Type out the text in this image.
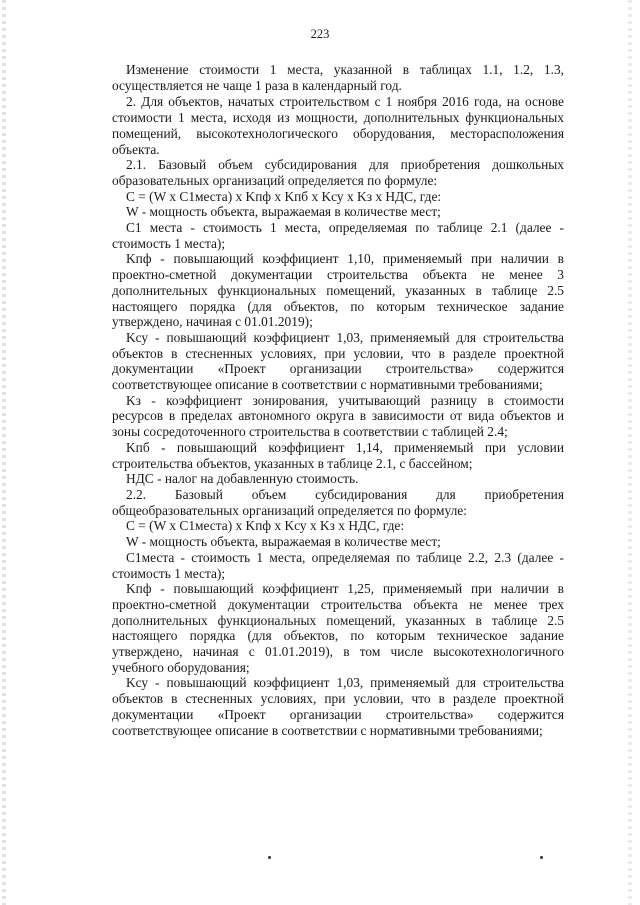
223

Изменение стоимости 1 места, указанной в таблицах 1.1, 1.2, 1.3, осуществляется не чаще 1 раза в календарный год.

2. Для объектов, начатых строительством с 1 ноября 2016 года, на основе стоимости 1 места, исходя из мощности, дополнительных функциональных помещений, высокотехнологического оборудования, месторасположения объекта.

2.1. Базовый объем субсидирования для приобретения дошкольных образовательных организаций определяется по формуле:

C = (W x C1места) x Kпф x Kпб x Kсу x Kз x НДС, где:

W - мощность объекта, выражаемая в количестве мест;

C1 места - стоимость 1 места, определяемая по таблице 2.1 (далее - стоимость 1 места);

Kпф - повышающий коэффициент 1,10, применяемый при наличии в проектно-сметной документации строительства объекта не менее 3 дополнительных функциональных помещений, указанных в таблице 2.5 настоящего порядка (для объектов, по которым техническое задание утверждено, начиная с 01.01.2019);

Kсу - повышающий коэффициент 1,03, применяемый для строительства объектов в стесненных условиях, при условии, что в разделе проектной документации «Проект организации строительства» содержится соответствующее описание в соответствии с нормативными требованиями;

Kз - коэффициент зонирования, учитывающий разницу в стоимости ресурсов в пределах автономного округа в зависимости от вида объектов и зоны сосредоточенного строительства в соответствии с таблицей 2.4;

Kпб - повышающий коэффициент 1,14, применяемый при условии строительства объектов, указанных в таблице 2.1, с бассейном;

НДС - налог на добавленную стоимость.

2.2. Базовый объем субсидирования для приобретения общеобразовательных организаций определяется по формуле:

C = (W x C1места) x Kпф x Kсу x Kз x НДС, где:

W - мощность объекта, выражаемая в количестве мест;

C1места - стоимость 1 места, определяемая по таблице 2.2, 2.3 (далее - стоимость 1 места);

Kпф - повышающий коэффициент 1,25, применяемый при наличии в проектно-сметной документации строительства объекта не менее трех дополнительных функциональных помещений, указанных в таблице 2.5 настоящего порядка (для объектов, по которым техническое задание утверждено, начиная с 01.01.2019), в том числе высокотехнологичного учебного оборудования;

Kсу - повышающий коэффициент 1,03, применяемый для строительства объектов в стесненных условиях, при условии, что в разделе проектной документации «Проект организации строительства» содержится соответствующее описание в соответствии с нормативными требованиями;
